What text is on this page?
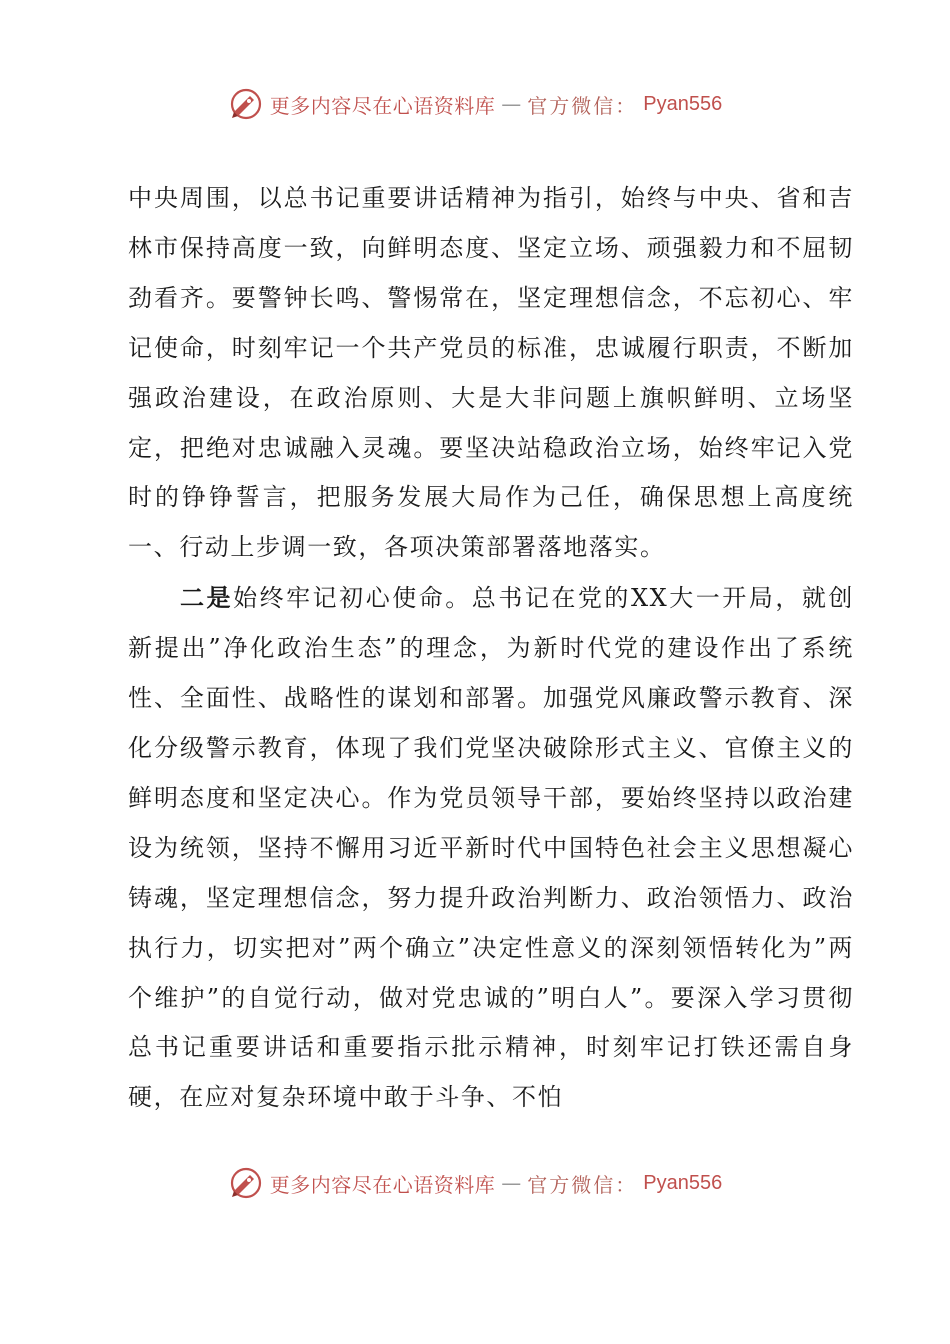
更多内容尽在心语资料库 — 官方微信： Pyan556

中央周围，以总书记重要讲话精神为指引，始终与中央、省和吉林市保持高度一致，向鲜明态度、坚定立场、顽强毅力和不屈韧劲看齐。要警钟长鸣、警惕常在，坚定理想信念，不忘初心、牢记使命，时刻牢记一个共产党员的标准，忠诚履行职责，不断加强政治建设，在政治原则、大是大非问题上旗帜鲜明、立场坚定，把绝对忠诚融入灵魂。要坚决站稳政治立场，始终牢记入党时的铮铮誓言，把服务发展大局作为己任，确保思想上高度统一、行动上步调一致，各项决策部署落地落实。

二是始终牢记初心使命。总书记在党的XX大一开局，就创新提出”净化政治生态”的理念，为新时代党的建设作出了系统性、全面性、战略性的谋划和部署。加强党风廉政警示教育、深化分级警示教育，体现了我们党坚决破除形式主义、官僚主义的鲜明态度和坚定决心。作为党员领导干部，要始终坚持以政治建设为统领，坚持不懈用习近平新时代中国特色社会主义思想凝心铸魂，坚定理想信念，努力提升政治判断力、政治领悟力、政治执行力，切实把对”两个确立”决定性意义的深刻领悟转化为”两个维护”的自觉行动，做对党忠诚的”明白人”。要深入学习贯彻总书记重要讲话和重要指示批示精神，时刻牢记打铁还需自身硬，在应对复杂环境中敢于斗争、不怕

更多内容尽在心语资料库 — 官方微信： Pyan556
